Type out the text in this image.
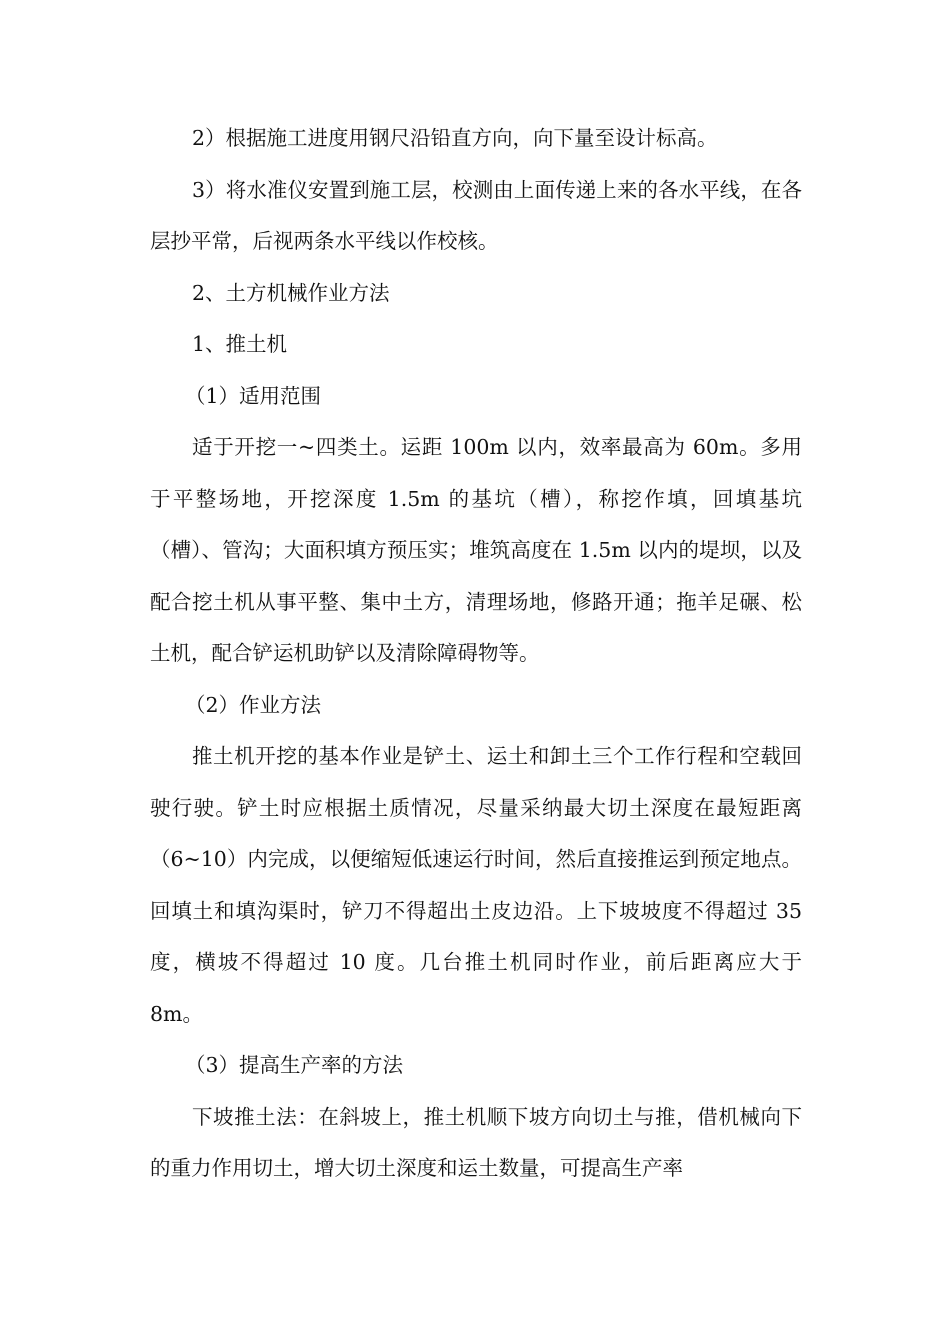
2）根据施工进度用钢尺沿铅直方向，向下量至设计标高。

3）将水准仪安置到施工层，校测由上面传递上来的各水平线，在各层抄平常，后视两条水平线以作校核。

2、土方机械作业方法

1、推土机

（1）适用范围

适于开挖一~四类土。运距 100m 以内，效率最高为 60m。多用于平整场地，开挖深度 1.5m 的基坑（槽），称挖作填，回填基坑（槽）、管沟；大面积填方预压实；堆筑高度在 1.5m 以内的堤坝，以及配合挖土机从事平整、集中土方，清理场地，修路开通；拖羊足碾、松土机，配合铲运机助铲以及清除障碍物等。

（2）作业方法

推土机开挖的基本作业是铲土、运土和卸土三个工作行程和空载回驶行驶。铲土时应根据土质情况，尽量采纳最大切土深度在最短距离（6~10）内完成，以便缩短低速运行时间，然后直接推运到预定地点。回填土和填沟渠时，铲刀不得超出土皮边沿。上下坡坡度不得超过 35 度，横坡不得超过 10 度。几台推土机同时作业，前后距离应大于 8m。

（3）提高生产率的方法

下坡推土法：在斜坡上，推土机顺下坡方向切土与推，借机械向下的重力作用切土，增大切土深度和运土数量，可提高生产率
